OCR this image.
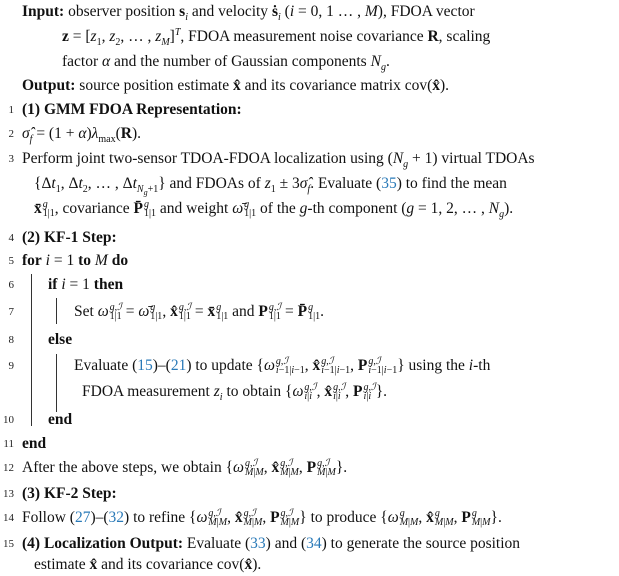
Input: observer position $s_i$ and velocity ṡ$_i$ (i = 0, 1 … , M), FDOA vector
$z = [z_1$, $z_2$, … , $z_M]^T$, FDOA measurement noise covariance R, scaling
factor α and the number of Gaussian components $N_g$.
Output: source position estimate x̂ and its covariance matrix cov(x̂).
1 (1) GMM FDOA Representation:
2 $\sigmâ_f = (1 + \alpha)\lambda_{max}(R)$.
3 Perform joint two-sensor TDOA-FDOA localization using $(N_g + 1)$ virtual TDOAs
{$\Delta t_1$, $\Delta t_2$, … , $\Delta t_{N_g+1}$} and FDOAs of $z_1$ ± $3\sigmâ_f$. Evaluate (35) to find the mean
x̄ g
1|1 , covariance P̄ g
1|1 and weight ω̄ g
1|1 of the g-th component (g = 1, 2, … , $N_g$).
4 (2) KF-1 Step:
5 for i = 1 to M do
6 if i = 1 then
7	Set ω g,ℐ
1|1 = ω̄ g
1|1 , x̂ g,ℐ
1|1 = x̄ g
1|1 and P g,ℐ
1|1 = P̄ g
1|1 .
8 else
9	Evaluate (15)–(21) to update {ω g,ℐ
i−1|i−1 , x̂ g,ℐ
i−1|i−1 , P g,ℐ
i−1|i−1 } using the i-th
FDOA measurement $z_i$ to obtain {ω g,ℐ
i|i , x̂ g,ℐ
i|i , P g,ℐ
i|i }.
10 end
11 end
12 After the above steps, we obtain {ω g,ℐ
M|M , x̂ g,ℐ
M|M , P g,ℐ
M|M }.
13 (3) KF-2 Step:
14 Follow (27)–(32) to refine {ω g,ℐ
M|M , x̂ g,ℐ
M|M , P g,ℐ
M|M } to produce {ω g
M|M , x̂ g
M|M , P g
M|M }.
15 (4) Localization Output: Evaluate (33) and (34) to generate the source position
estimate x̂ and its covariance cov(x̂).
